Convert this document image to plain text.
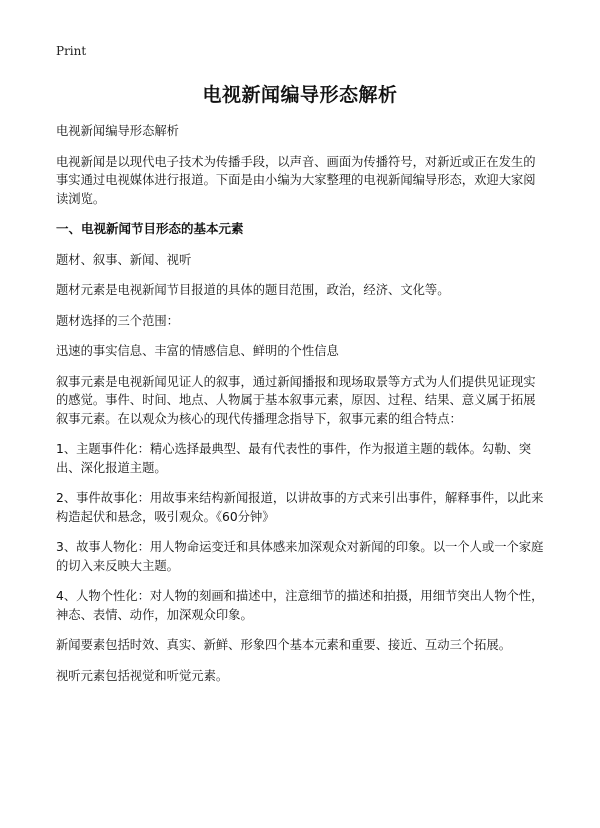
Print
电视新闻编导形态解析

电视新闻编导形态解析

电视新闻是以现代电子技术为传播手段，以声音、画面为传播符号，对新近或正在发生的事实通过电视媒体进行报道。下面是由小编为大家整理的电视新闻编导形态，欢迎大家阅读浏览。

一、电视新闻节目形态的基本元素

题材、叙事、新闻、视听

题材元素是电视新闻节目报道的具体的题目范围，政治，经济、文化等。

题材选择的三个范围：

迅速的事实信息、丰富的情感信息、鲜明的个性信息

叙事元素是电视新闻见证人的叙事，通过新闻播报和现场取景等方式为人们提供见证现实的感觉。事件、时间、地点、人物属于基本叙事元素，原因、过程、结果、意义属于拓展叙事元素。在以观众为核心的现代传播理念指导下，叙事元素的组合特点：

1、主题事件化：精心选择最典型、最有代表性的事件，作为报道主题的载体。勾勒、突出、深化报道主题。

2、事件故事化：用故事来结构新闻报道，以讲故事的方式来引出事件，解释事件，以此来构造起伏和悬念，吸引观众。《60分钟》

3、故事人物化：用人物命运变迁和具体感来加深观众对新闻的印象。以一个人或一个家庭的切入来反映大主题。

4、人物个性化：对人物的刻画和描述中，注意细节的描述和拍摄，用细节突出人物个性，神态、表情、动作，加深观众印象。

新闻要素包括时效、真实、新鲜、形象四个基本元素和重要、接近、互动三个拓展。

视听元素包括视觉和听觉元素。
